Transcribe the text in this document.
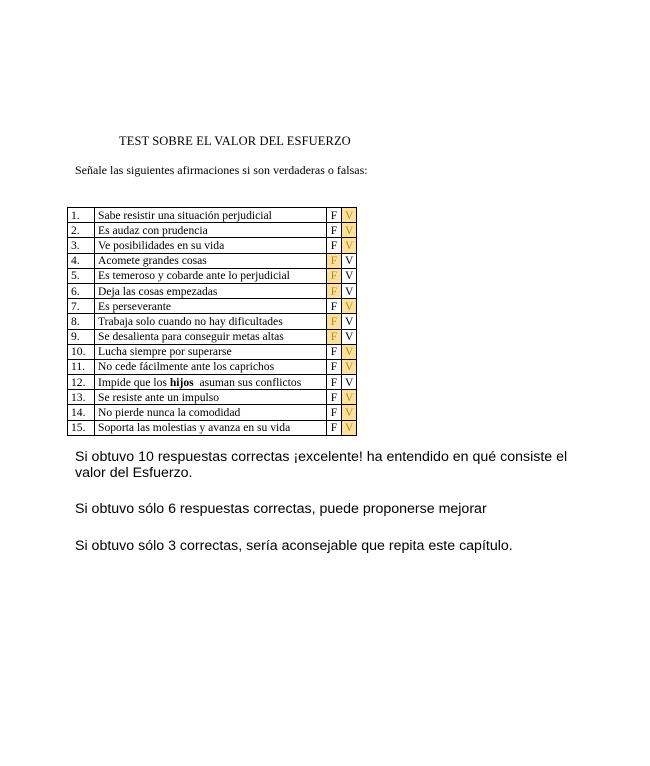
TEST SOBRE EL VALOR DEL ESFUERZO
Señale las siguientes afirmaciones si son verdaderas o falsas:
1.	Sabe resistir una situación perjudicial	F	V
2.	Es audaz con prudencia	F	V
3.	Ve posibilidades en su vida	F	V
4.	Acomete grandes cosas	F	V
5.	Es temeroso y cobarde ante lo perjudicial	F	V
6.	Deja las cosas empezadas	F	V
7.	Es perseverante	F	V
8.	Trabaja solo cuando no hay dificultades	F	V
9.	Se desalienta para conseguir metas altas	F	V
10.	Lucha siempre por superarse	F	V
11.	No cede fácilmente ante los caprichos	F	V
12.	Impide que los hijos  asuman sus conflictos	F	V
13.	Se resiste ante un impulso	F	V
14.	No pierde nunca la comodidad	F	V
15.	Soporta las molestias y avanza en su vida	F	V

Si obtuvo 10 respuestas correctas ¡excelente! ha entendido en qué consiste el valor del Esfuerzo.

Si obtuvo sólo 6 respuestas correctas, puede proponerse mejorar

Si obtuvo sólo 3 correctas, sería aconsejable que repita este capítulo.
